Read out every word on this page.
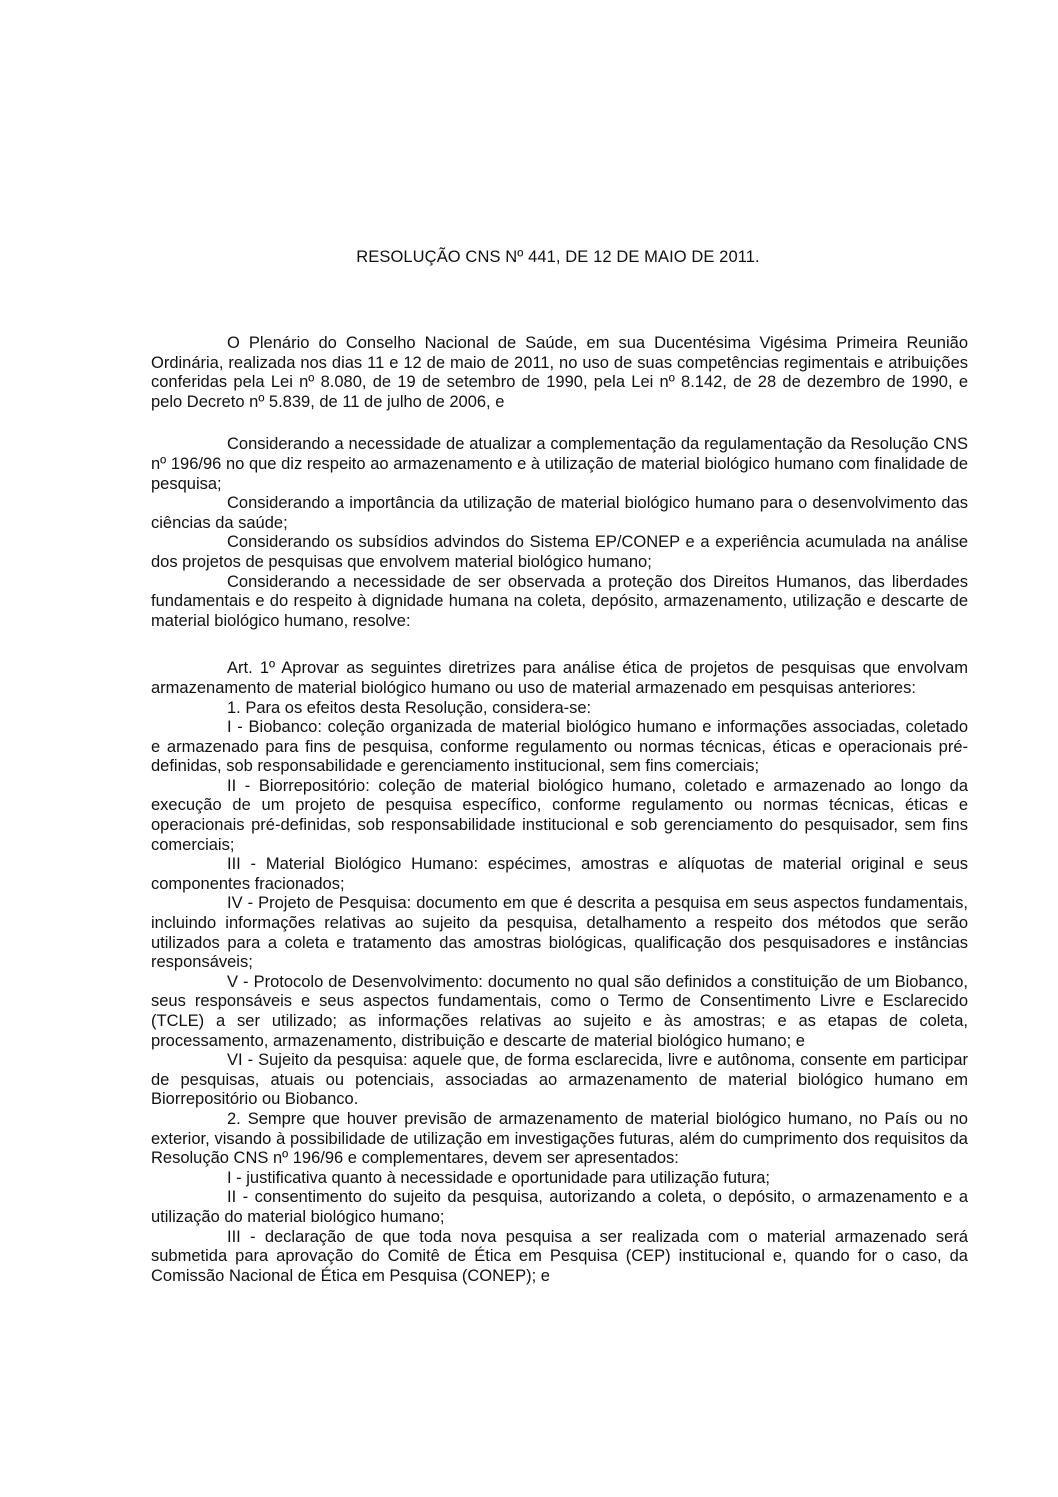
RESOLUÇÃO CNS Nº 441, DE 12 DE MAIO DE 2011.

O Plenário do Conselho Nacional de Saúde, em sua Ducentésima Vigésima Primeira Reunião Ordinária, realizada nos dias 11 e 12 de maio de 2011, no uso de suas competências regimentais e atribuições conferidas pela Lei nº 8.080, de 19 de setembro de 1990, pela Lei nº 8.142, de 28 de dezembro de 1990, e pelo Decreto nº 5.839, de 11 de julho de 2006, e

Considerando a necessidade de atualizar a complementação da regulamentação da Resolução CNS nº 196/96 no que diz respeito ao armazenamento e à utilização de material biológico humano com finalidade de pesquisa;

Considerando a importância da utilização de material biológico humano para o desenvolvimento das ciências da saúde;

Considerando os subsídios advindos do Sistema EP/CONEP e a experiência acumulada na análise dos projetos de pesquisas que envolvem material biológico humano;

Considerando a necessidade de ser observada a proteção dos Direitos Humanos, das liberdades fundamentais e do respeito à dignidade humana na coleta, depósito, armazenamento, utilização e descarte de material biológico humano, resolve:

Art. 1º Aprovar as seguintes diretrizes para análise ética de projetos de pesquisas que envolvam armazenamento de material biológico humano ou uso de material armazenado em pesquisas anteriores:

1. Para os efeitos desta Resolução, considera-se:

I - Biobanco: coleção organizada de material biológico humano e informações associadas, coletado e armazenado para fins de pesquisa, conforme regulamento ou normas técnicas, éticas e operacionais pré-definidas, sob responsabilidade e gerenciamento institucional, sem fins comerciais;

II - Biorrepositório: coleção de material biológico humano, coletado e armazenado ao longo da execução de um projeto de pesquisa específico, conforme regulamento ou normas técnicas, éticas e operacionais pré-definidas, sob responsabilidade institucional e sob gerenciamento do pesquisador, sem fins comerciais;

III - Material Biológico Humano: espécimes, amostras e alíquotas de material original e seus componentes fracionados;

IV - Projeto de Pesquisa: documento em que é descrita a pesquisa em seus aspectos fundamentais, incluindo informações relativas ao sujeito da pesquisa, detalhamento a respeito dos métodos que serão utilizados para a coleta e tratamento das amostras biológicas, qualificação dos pesquisadores e instâncias responsáveis;

V - Protocolo de Desenvolvimento: documento no qual são definidos a constituição de um Biobanco, seus responsáveis e seus aspectos fundamentais, como o Termo de Consentimento Livre e Esclarecido (TCLE) a ser utilizado; as informações relativas ao sujeito e às amostras; e as etapas de coleta, processamento, armazenamento, distribuição e descarte de material biológico humano; e

VI - Sujeito da pesquisa: aquele que, de forma esclarecida, livre e autônoma, consente em participar de pesquisas, atuais ou potenciais, associadas ao armazenamento de material biológico humano em Biorrepositório ou Biobanco.

2. Sempre que houver previsão de armazenamento de material biológico humano, no País ou no exterior, visando à possibilidade de utilização em investigações futuras, além do cumprimento dos requisitos da Resolução CNS nº 196/96 e complementares, devem ser apresentados:

I - justificativa quanto à necessidade e oportunidade para utilização futura;

II - consentimento do sujeito da pesquisa, autorizando a coleta, o depósito, o armazenamento e a utilização do material biológico humano;

III - declaração de que toda nova pesquisa a ser realizada com o material armazenado será submetida para aprovação do Comitê de Ética em Pesquisa (CEP) institucional e, quando for o caso, da Comissão Nacional de Ética em Pesquisa (CONEP); e
